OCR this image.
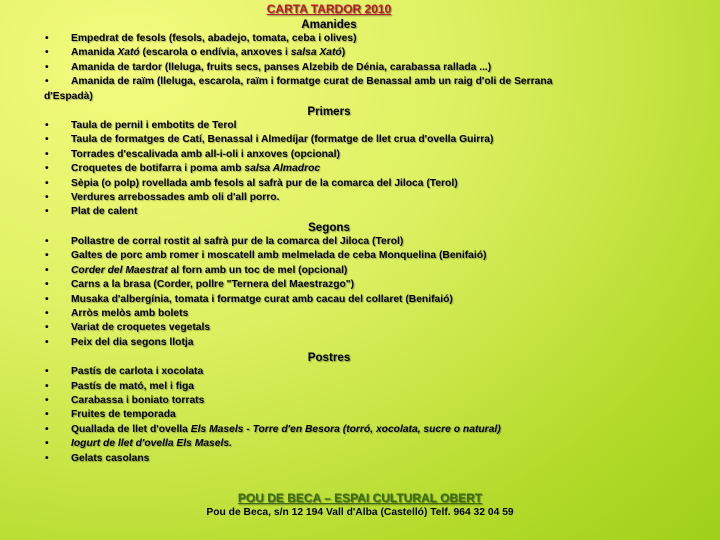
CARTA TARDOR 2010
Amanides
• Empedrat de fesols (fesols, abadejo, tomata, ceba i olives)
• Amanida Xató (escarola o endívia, anxoves i salsa Xató)
• Amanida de tardor (lleluga, fruits secs, panses Alzebib de Dénia, carabassa rallada ...)
• Amanida de raïm (lleluga, escarola, raïm i formatge curat de Benassal amb un raig d'oli de Serrana
d'Espadà)
Primers
• Taula de pernil i embotits de Terol
• Taula de formatges de Catí, Benassal i Almedíjar (formatge de llet crua d'ovella Guirra)
• Torrades d'escalivada amb all-i-oli i anxoves (opcional)
• Croquetes de botifarra i poma amb salsa Almadroc
• Sèpia (o polp) rovellada amb fesols al safrà pur de la comarca del Jiloca (Terol)
• Verdures arrebossades amb oli d'all porro.
• Plat de calent
Segons
• Pollastre de corral rostit al safrà pur de la comarca del Jiloca (Terol)
• Galtes de porc amb romer i moscatell amb melmelada de ceba Monquelina (Benifaió)
• Corder del Maestrat al forn amb un toc de mel (opcional)
• Carns a la brasa (Corder, pollre "Ternera del Maestrazgo")
• Musaka d'albergínia, tomata i formatge curat amb cacau del collaret (Benifaió)
• Arròs melòs amb bolets
• Variat de croquetes vegetals
• Peix del dia segons llotja
Postres
• Pastís de carlota i xocolata
• Pastís de mató, mel i figa
• Carabassa i boniato torrats
• Fruites de temporada
• Quallada de llet d'ovella Els Masels - Torre d'en Besora (torró, xocolata, sucre o natural)
• Iogurt de llet d'ovella Els Masels.
• Gelats casolans
POU DE BECA – ESPAI CULTURAL OBERT
Pou de Beca, s/n 12 194 Vall d'Alba (Castelló) Telf. 964 32 04 59
